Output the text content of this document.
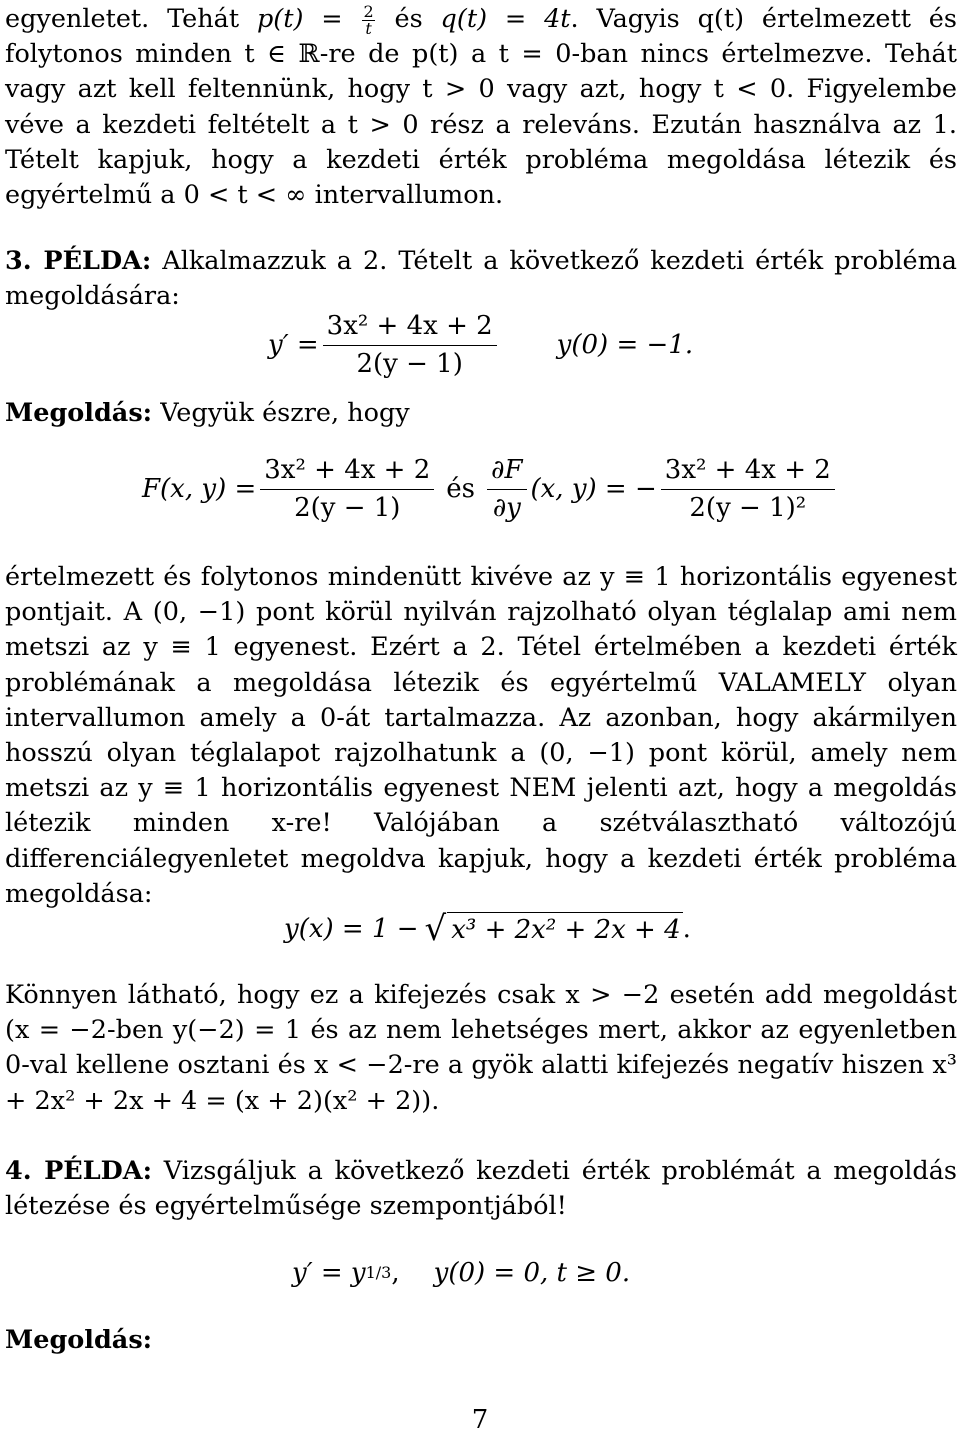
egyenletet. Tehát $p(t) = \frac{2}{t}$ és q(t) = 4t. Vagyis q(t) értelmezett és folytonos minden t ∈ ℝ-re de p(t) a t = 0-ban nincs értelmezve. Tehát vagy azt kell feltennünk, hogy t > 0 vagy azt, hogy t < 0. Figyelembe véve a kezdeti feltételt a t > 0 rész a releváns. Ezután használva az 1. Tételt kapjuk, hogy a kezdeti érték probléma megoldása létezik és egyértelmű a 0 < t < ∞ intervallumon.

3. PÉLDA: Alkalmazzuk a 2. Tételt a következő kezdeti érték probléma megoldására:

$y' = \frac{\text{3x² + 4x + 2}}{2(y - 1)} y(0) = -1$.

Megoldás: Vegyük észre, hogy

F(x, $y) = \frac{\text{3x² + 4x + 2}}{2(y - 1)}$ és $\frac{\partial F}{\partial y} (x$, y) = − $\frac{\text{3x² + 4x + 2}}{\text{2(y − 1)²}}$

értelmezett és folytonos mindenütt kivéve az y ≡ 1 horizontális egyenest pontjait. A (0, −1) pont körül nyilván rajzolható olyan téglalap ami nem metszi az y ≡ 1 egyenest. Ezért a 2. Tétel értelmében a kezdeti érték problémának a megoldása létezik és egyértelmű VALAMELY olyan intervallumon amely a 0-át tartalmazza. Az azonban, hogy akármilyen hosszú olyan téglalapot rajzolhatunk a (0, −1) pont körül, amely nem metszi az y ≡ 1 horizontális egyenest NEM jelenti azt, hogy a megoldás létezik minden x-re! Valójában a szétválasztható változójú differenciálegyenletet megoldva kapjuk, hogy a kezdeti érték probléma megoldása:

y(x) = 1 − √ x³ + 2x² + 2x + 4 .

Könnyen látható, hogy ez a kifejezés csak x > −2 esetén add megoldást (x = −2-ben y(−2) = 1 és az nem lehetséges mert, akkor az egyenletben 0-val kellene osztani és x < −2-re a gyök alatti kifejezés negatív hiszen x³ + 2x² + 2x + 4 = (x + 2)(x² + 2)).

4. PÉLDA: Vizsgáljuk a következő kezdeti érték problémát a megoldás létezése és egyértelműsége szempontjából!

y′ = y 1/3 , y(0) = 0, t ≥ 0.

Megoldás:

7
